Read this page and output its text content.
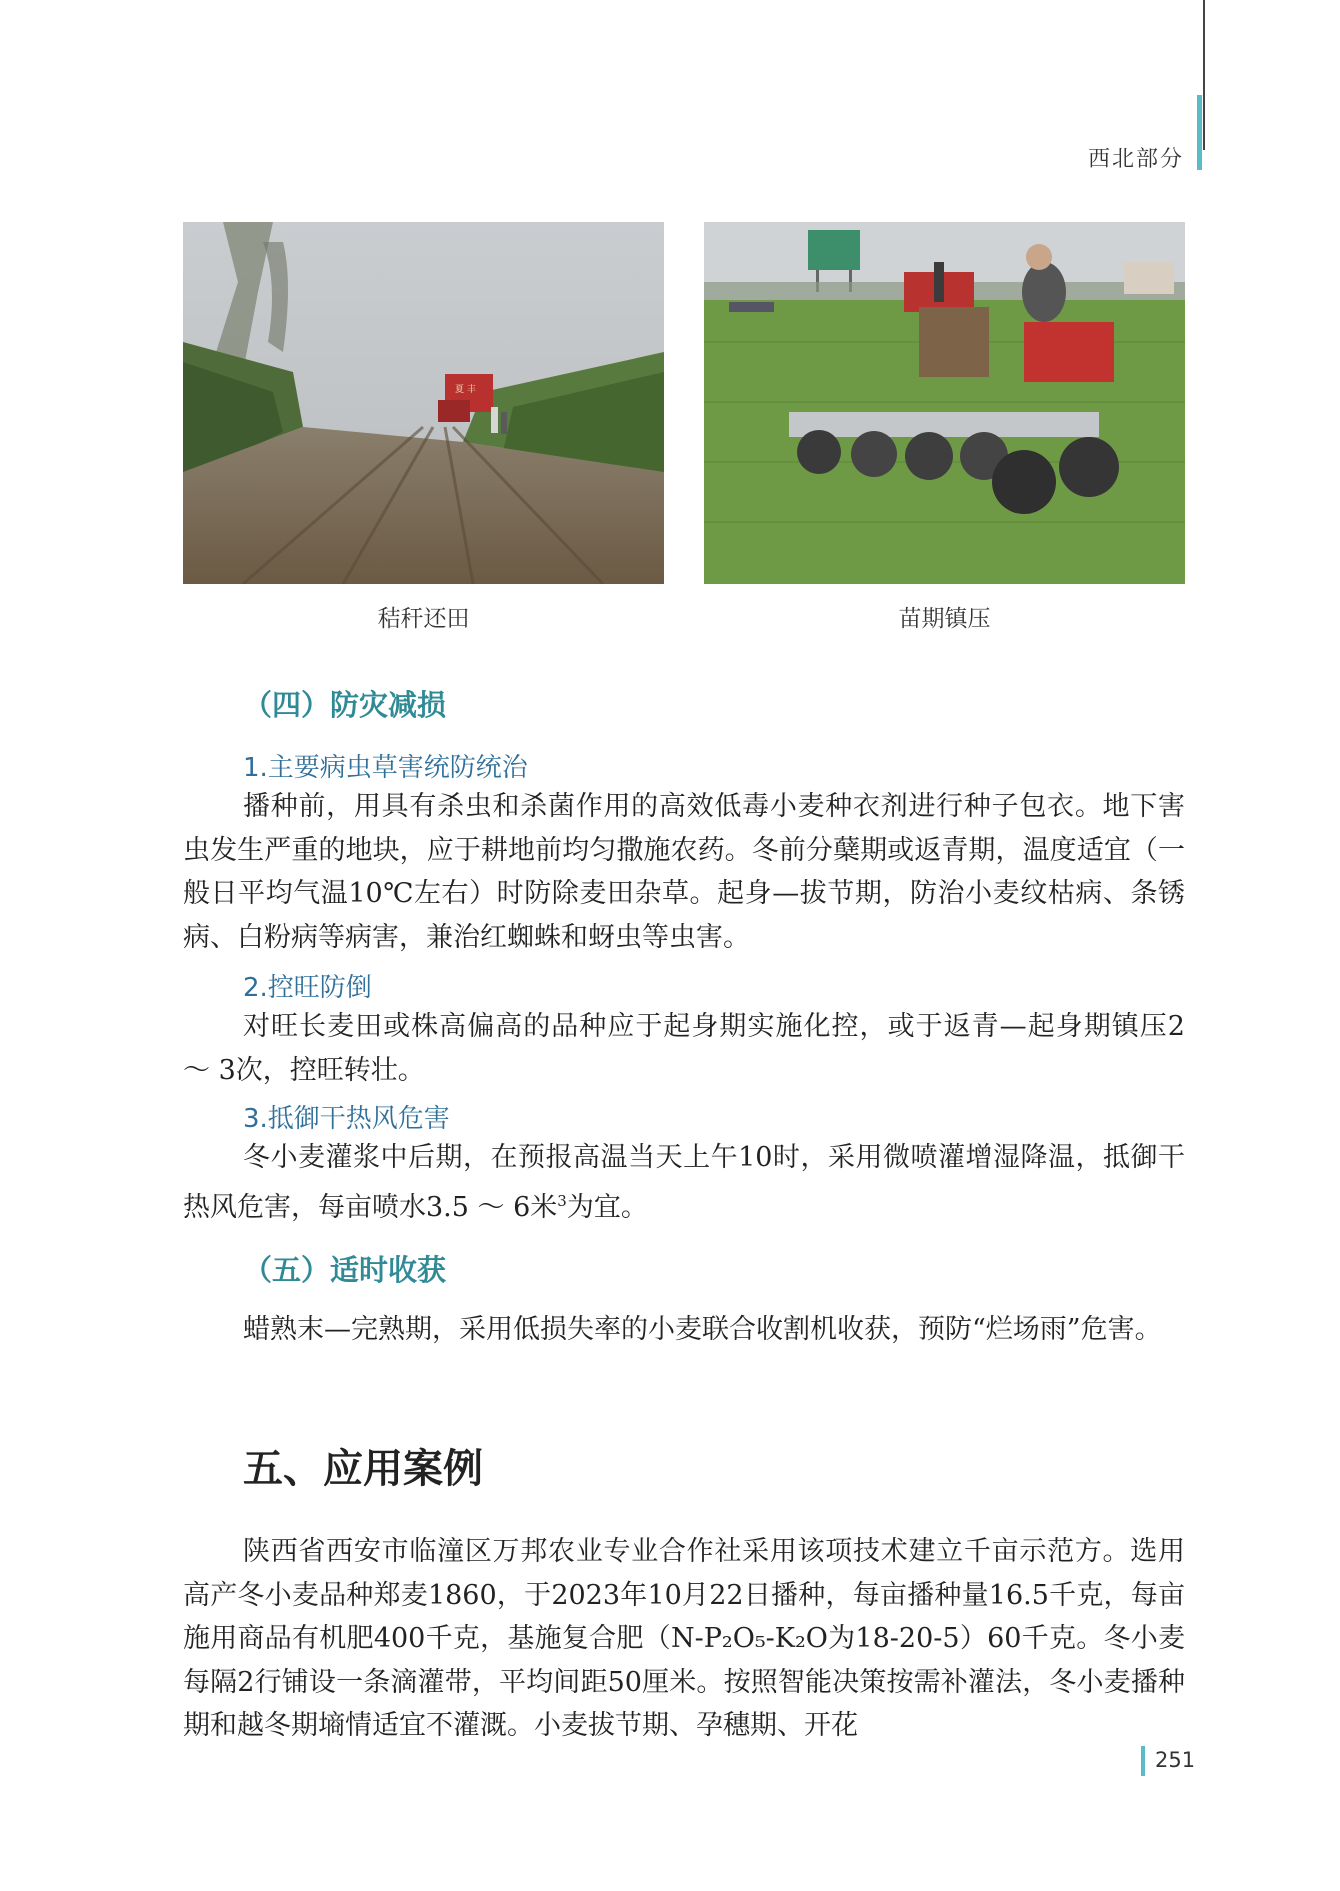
西北部分
夏 丰
秸秆还田	苗期镇压
（四）防灾减损
1.主要病虫草害统防统治
播种前，用具有杀虫和杀菌作用的高效低毒小麦种衣剂进行种子包衣。地下害虫发生严重的地块，应于耕地前均匀撒施农药。冬前分蘖期或返青期，温度适宜（一般日平均气温10℃左右）时防除麦田杂草。起身—拔节期，防治小麦纹枯病、条锈病、白粉病等病害，兼治红蜘蛛和蚜虫等虫害。
2.控旺防倒
对旺长麦田或株高偏高的品种应于起身期实施化控，或于返青—起身期镇压2 ～ 3次，控旺转壮。
3.抵御干热风危害
冬小麦灌浆中后期，在预报高温当天上午10时，采用微喷灌增湿降温，抵御干热风危害，每亩喷水3.5 ～ 6米$^3$为宜。
（五）适时收获
蜡熟末—完熟期，采用低损失率的小麦联合收割机收获，预防“烂场雨”危害。
五、应用案例
陕西省西安市临潼区万邦农业专业合作社采用该项技术建立千亩示范方。选用高产冬小麦品种郑麦1860，于2023年10月22日播种，每亩播种量16.5千克，每亩施用商品有机肥400千克，基施复合肥（N-P₂O₅-K₂O为18-20-5）60千克。冬小麦每隔2行铺设一条滴灌带，平均间距50厘米。按照智能决策按需补灌法，冬小麦播种期和越冬期墒情适宜不灌溉。小麦拔节期、孕穗期、开花
251
